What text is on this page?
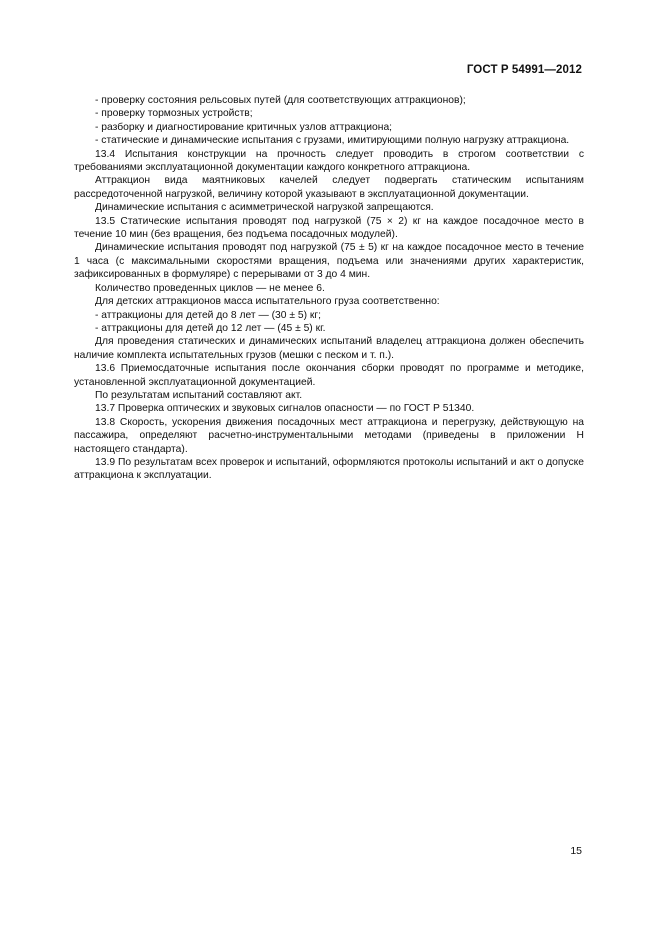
ГОСТ Р 54991—2012

- проверку состояния рельсовых путей (для соответствующих аттракционов);

- проверку тормозных устройств;

- разборку и диагностирование критичных узлов аттракциона;

- статические и динамические испытания с грузами, имитирующими полную нагрузку аттракциона.

13.4 Испытания конструкции на прочность следует проводить в строгом соответствии с требованиями эксплуатационной документации каждого конкретного аттракциона.

Аттракцион вида маятниковых качелей следует подвергать статическим испытаниям рассредоточенной нагрузкой, величину которой указывают в эксплуатационной документации.

Динамические испытания с асимметрической нагрузкой запрещаются.

13.5 Статические испытания проводят под нагрузкой (75 × 2) кг на каждое посадочное место в течение 10 мин (без вращения, без подъема посадочных модулей).

Динамические испытания проводят под нагрузкой (75 ± 5) кг на каждое посадочное место в течение 1 часа (с максимальными скоростями вращения, подъема или значениями других характеристик, зафиксированных в формуляре) с перерывами от 3 до 4 мин.

Количество проведенных циклов — не менее 6.

Для детских аттракционов масса испытательного груза соответственно:

- аттракционы для детей до 8 лет — (30 ± 5) кг;

- аттракционы для детей до 12 лет — (45 ± 5) кг.

Для проведения статических и динамических испытаний владелец аттракциона должен обеспечить наличие комплекта испытательных грузов (мешки с песком и т. п.).

13.6 Приемосдаточные испытания после окончания сборки проводят по программе и методике, установленной эксплуатационной документацией.

По результатам испытаний составляют акт.

13.7 Проверка оптических и звуковых сигналов опасности — по ГОСТ Р 51340.

13.8 Скорость, ускорения движения посадочных мест аттракциона и перегрузку, действующую на пассажира, определяют расчетно-инструментальными методами (приведены в приложении Н настоящего стандарта).

13.9 По результатам всех проверок и испытаний, оформляются протоколы испытаний и акт о допуске аттракциона к эксплуатации.

15
